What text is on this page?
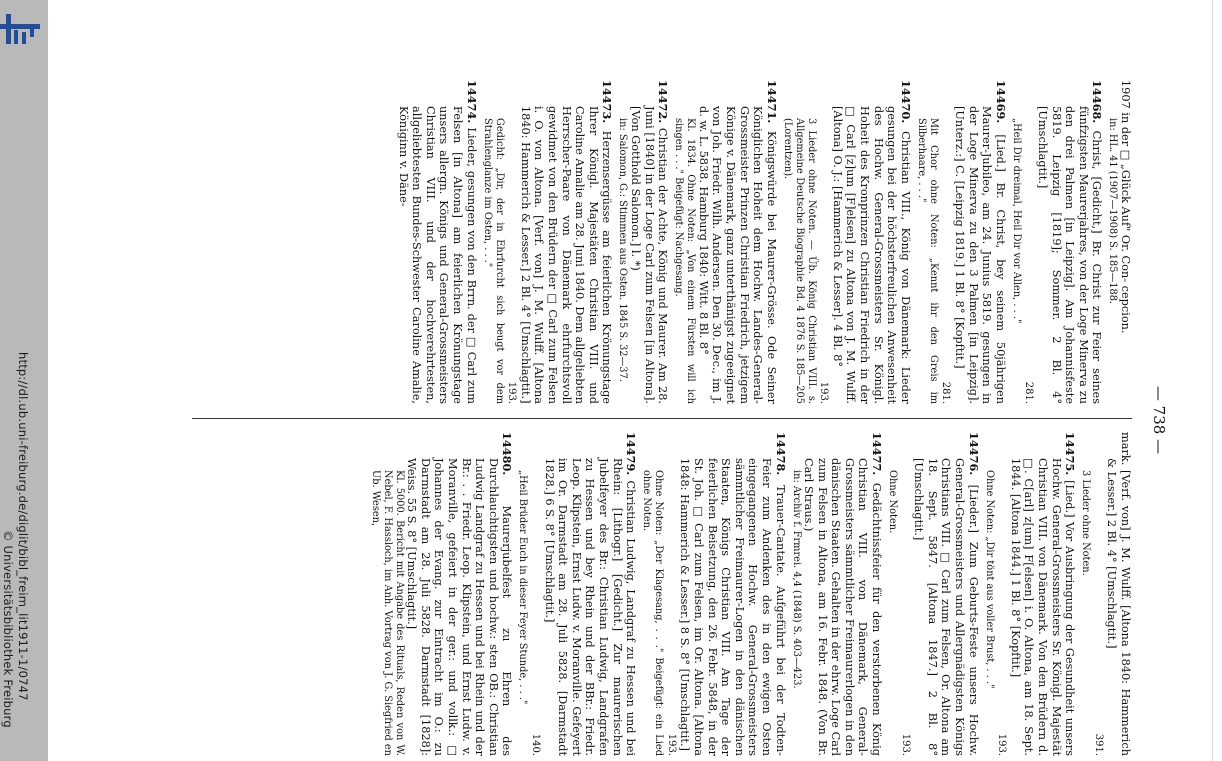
http://dl.ub.uni-freiburg.de/diglit/bibl_freim_lit1911-1/0747
© Universitätsbibliothek Freiburg
— 738 —
1907 in der □ „Glück Auf" Or. Con- cepcion.
in: HL. 41 (1907—1908) S. 185—188.
14468. Christ, [Gedicht,] Br. Christ zur Feier seines fünfzigsten Maurerjahres, von der Loge Minerva zu den drei Palmen [in Leipzig]. Am Johannisfeste 5819. Leipzig [1819]; Sommer. 2 Bl. 4° [Umschlagtit.]
281.
„Heil Dir dreimal, Heil Dir vor Allen, . . ."
14469. [Lied.] Br. Christ, bey seinem 50jährigen Maurer-Jubileo, am 24. Junius 5819. gesungen in der Loge Minerva zu den 3 Palmen [in Leipzig]. [Unterz.:] C. [Leipzig 1819.] 1 Bl. 8° [Kopftit.]
281.
Mit Chor ohne Noten: „Kennt ihr den Greis im Silberhaare, . . ."
14470. Christian VIII., König von Dänemark: Lieder gesungen bei der höchsterfreulichen Anwesenheit des Hochw. General-Grossmeisters Sr. Königl. Hoheit des Kronprinzen Christian Friedrich in der □ Carl [z]um [F]elsen] zu Altona von J. M. Wulff. [Altona] O. J.: [Hammerich & Lesser]. 4 Bl. 8°
193.
3 Lieder ohne Noten. — Üb. König Christian VIII. s. Allgemeine Deutsche Biographie Bd. 4 1876 S. 185—205 (Lorentzen).
14471. Königswürde bei Maurer-Grösse. Ode Seiner Königlichen Hoheit dem Hochw. Landes-General-Grossmeister Prinzen Christian Friedrich, jetzigem Könige v. Dänemark, ganz unterthänigst zugeeignet von Joh. Friedr. Wilh. Andersen. Den 30. Dec., im J. d. w. L. 5838. Hamburg 1840: Witt. 8 Bl. 8°
Kl. 1834. Ohne Noten: „Von einem Fürsten will ich singen . . ." Beigefügt: Nachgesang.
14472. Christian der Achte, König und Maurer. Am 28. Juni [1840] in der Loge Carl zum Felsen [in Altona]. [Von Gotthold Salomon.] l. *)
in: Salomon, G.: Stimmen aus Osten. 1845 S. 32—37.
14473. Herzensergüsse am feierlichen Krönungstage Ihrer Königl. Majestäten Christian VIII. und Caroline Amalie am 28. Juni 1840. Dem allgeliebten Herrscher-Paare von Dänemark ehrfurchtsvoll gewidmet von den Brüdern der □ Carl zum Felsen i. O. von Altona. [Verf. von] J. M. Wulff. [Altona 1840: Hammerich & Lesser.] 2 Bl. 4° [Umschlagtit.]
193.
Gedicht: „Dir, der in Ehrfurcht sich beugt vor dem Strahlenglanze im Osten, . . ."
14474. Lieder, gesungen von den Brrn. der □ Carl zum Felsen [in Altona] am feierlichen Krönungstage unsers allergn. Königs und General-Grossmeisters Christian VIII. und der hochverehrtesten, allgeliebtesten Bundes-Schwester Caroline Amalie, Königinn v. Däne-
mark. [Verf. von] J. M. Wulff. [Altona 1840: Hammerich & Lesser.] 2 Bl. 4° [Umschlagtit.]
391.
3 Lieder ohne Noten.
14475. [Lied.] Vor Ausbringung der Gesundheit unsers Hochw. General-Grossmeisters Sr. Königl. Majestät Christian VIII. von Dänemark. Von den Brüdern d. □. C[arl] z[um] F[elsen] i. O. Altona, am 18. Sept. 1844. [Altona 1844.] 1 Bl. 8° [Kopftit.]
193.
Ohne Noten: „Dir tönt aus voller Brust, . . ."
14476. [Lieder.] Zum Geburts-Feste unsers Hochw. General-Grossmeisters und Allergnädigsten Königs Christians VIII. □ Carl zum Felsen, Or. Altona am 18. Sept. 5847. [Altona 1847.] 2 Bl. 8° [Umschlagtit.]
193.
Ohne Noten.
14477. Gedächtnissfeier für den verstorbenen König Christian VIII. von Dänemark, General-Grossmeisters sämmtlicher Freimaurerlogen in den dänischen Staaten. Gehalten in der ehrw. Loge Carl zum Felsen in Altona, am 16. Febr. 1848. (Von Br. Carl Straus.)
in: Archiv f. Frmrei. 4,4 (1848) S. 403—423.
14478. Trauer-Cantate. Aufgeführt bei der Todten-Feier zum Andenken des in den ewigen Osten eingegangenen Hochw. General-Grossmeisters sämmtlicher Freimaurer-Logen in den dänischen Staaten, Königs Christian VIII. Am Tage der feierlichen Beisetzung, den 26. Febr. 5848, in der St. Joh. □ Carl zum Felsen, im Or. Altona. [Altona 1848: Hammerich & Lesser.] 8 S. 8° [Umschlagtit.]
193.
Ohne Noten: „Der Klagesang, . . ." Beigefügt: ein Lied ohne Noten.
14479. Christian Ludwig, Landgraf zu Hessen und bei Rhein: [Lithogr.] [Gedicht.] Zur maurerischen Jubelfeyer des Br.: Christian Ludwig, Landgrafen zu Hessen und bey Rhein und der BBr.: Friedr. Leop. Klipstein, Ernst Ludw. v. Moranville. Gefeyert im Or. Darmstadt am 28. Juli 5828. [Darmstadt 1828.] 6 S. 8° [Umschlagtit.]
140.
„Heil Brüder Euch in dieser Feyer Stunde, . . ."
14480. Maurerjubelfest zu Ehren des Durchlauchtigsten und hochw.: sten OB.: Christian Ludwig Landgraf zu Hessen und bei Rhein und der Br.: . . Friedr. Leop. Klipstein, und Ernst Ludw. v. Moranville, gefeiert in der ger.: und vollk.: □ Johannes der Evang. zur Eintracht im O.: zu Darmstadt am 28. Juli 5828. Darmstadt [1828]: Weiss. 55 S. 8° [Umschlagtit.]
Kl. 5000. Bericht mit Angabe des Rituals, Reden von W. Nebel, F. Hassloch, im Anh. Vortrag von J. G. Siegfried en Ub. Wesen,
